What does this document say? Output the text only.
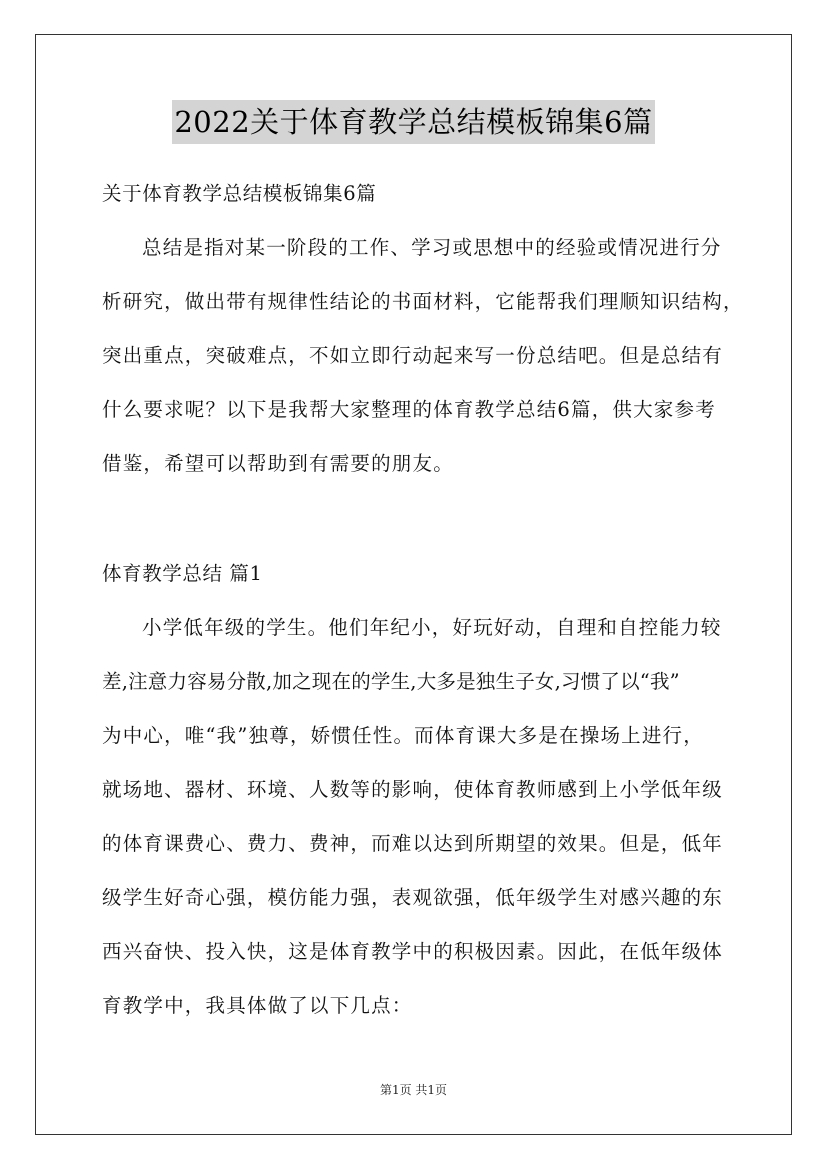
2022关于体育教学总结模板锦集6篇
关于体育教学总结模板锦集6篇
总结是指对某一阶段的工作、学习或思想中的经验或情况进行分
析研究，做出带有规律性结论的书面材料，它能帮我们理顺知识结构，
突出重点，突破难点，不如立即行动起来写一份总结吧。但是总结有
什么要求呢？以下是我帮大家整理的体育教学总结6篇，供大家参考
借鉴，希望可以帮助到有需要的朋友。
体育教学总结 篇1
小学低年级的学生。他们年纪小，好玩好动，自理和自控能力较
差,注意力容易分散,加之现在的学生,大多是独生子女,习惯了以“我”
为中心，唯“我”独尊，娇惯任性。而体育课大多是在操场上进行，
就场地、器材、环境、人数等的影响，使体育教师感到上小学低年级
的体育课费心、费力、费神，而难以达到所期望的效果。但是，低年
级学生好奇心强，模仿能力强，表观欲强，低年级学生对感兴趣的东
西兴奋快、投入快，这是体育教学中的积极因素。因此，在低年级体
育教学中，我具体做了以下几点：
第1页 共1页
